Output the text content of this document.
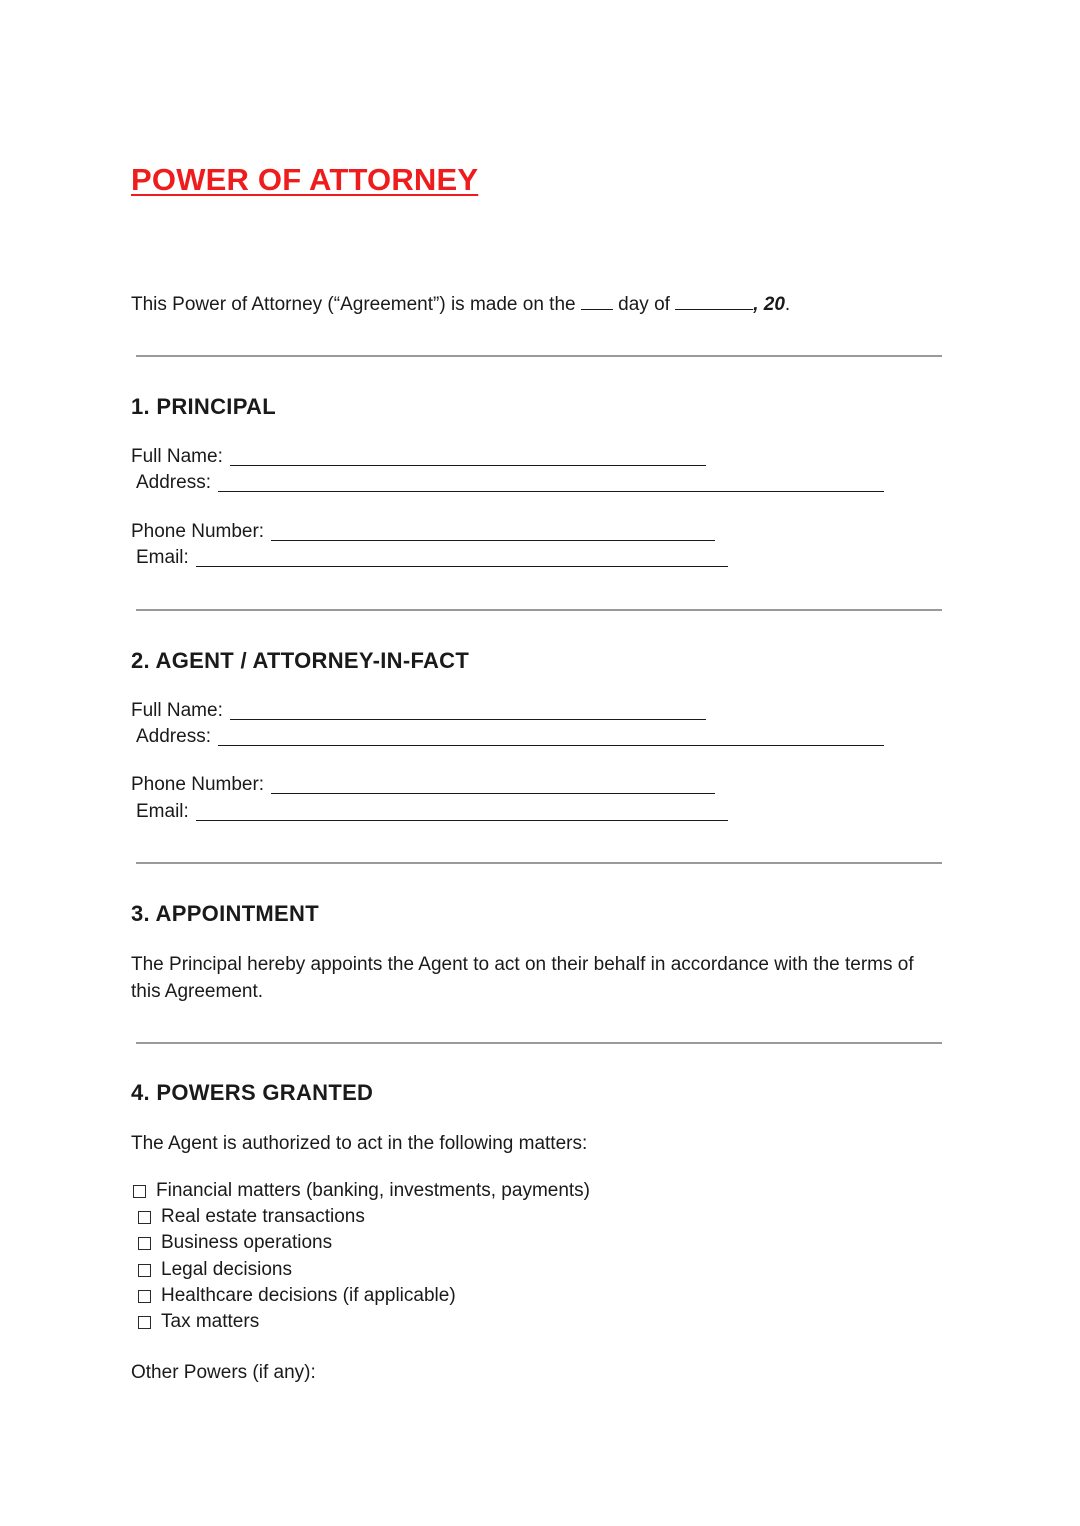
POWER OF ATTORNEY
This Power of Attorney (“Agreement”) is made on the day of	, 20.
1. PRINCIPAL
Full Name:
Address:
Phone Number:
Email:
2. AGENT / ATTORNEY-IN-FACT
Full Name:
Address:
Phone Number:
Email:
3. APPOINTMENT
The Principal hereby appoints the Agent to act on their behalf in accordance with the terms of this Agreement.
4. POWERS GRANTED
The Agent is authorized to act in the following matters:
Financial matters (banking, investments, payments)
Real estate transactions
Business operations
Legal decisions
Healthcare decisions (if applicable)
Tax matters
Other Powers (if any):
